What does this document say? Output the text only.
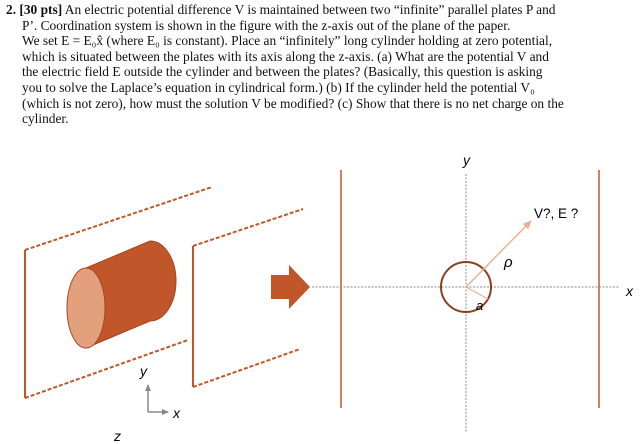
2. [30 pts] An electric potential difference V is maintained between two “infinite” parallel plates P and

P’. Coordination system is shown in the figure with the z-axis out of the plane of the paper.

We set E = E₀x̂ (where E₀ is constant). Place an “infinitely” long cylinder holding at zero potential,

which is situated between the plates with its axis along the z-axis. (a) What are the potential V and

the electric field E outside the cylinder and between the plates? (Basically, this question is asking

you to solve the Laplace’s equation in cylindrical form.) (b) If the cylinder held the potential V₀

(which is not zero), how must the solution V be modified? (c) Show that there is no net charge on the

cylinder.

y
x
z
a
ρ
V?, E ?
y
x
